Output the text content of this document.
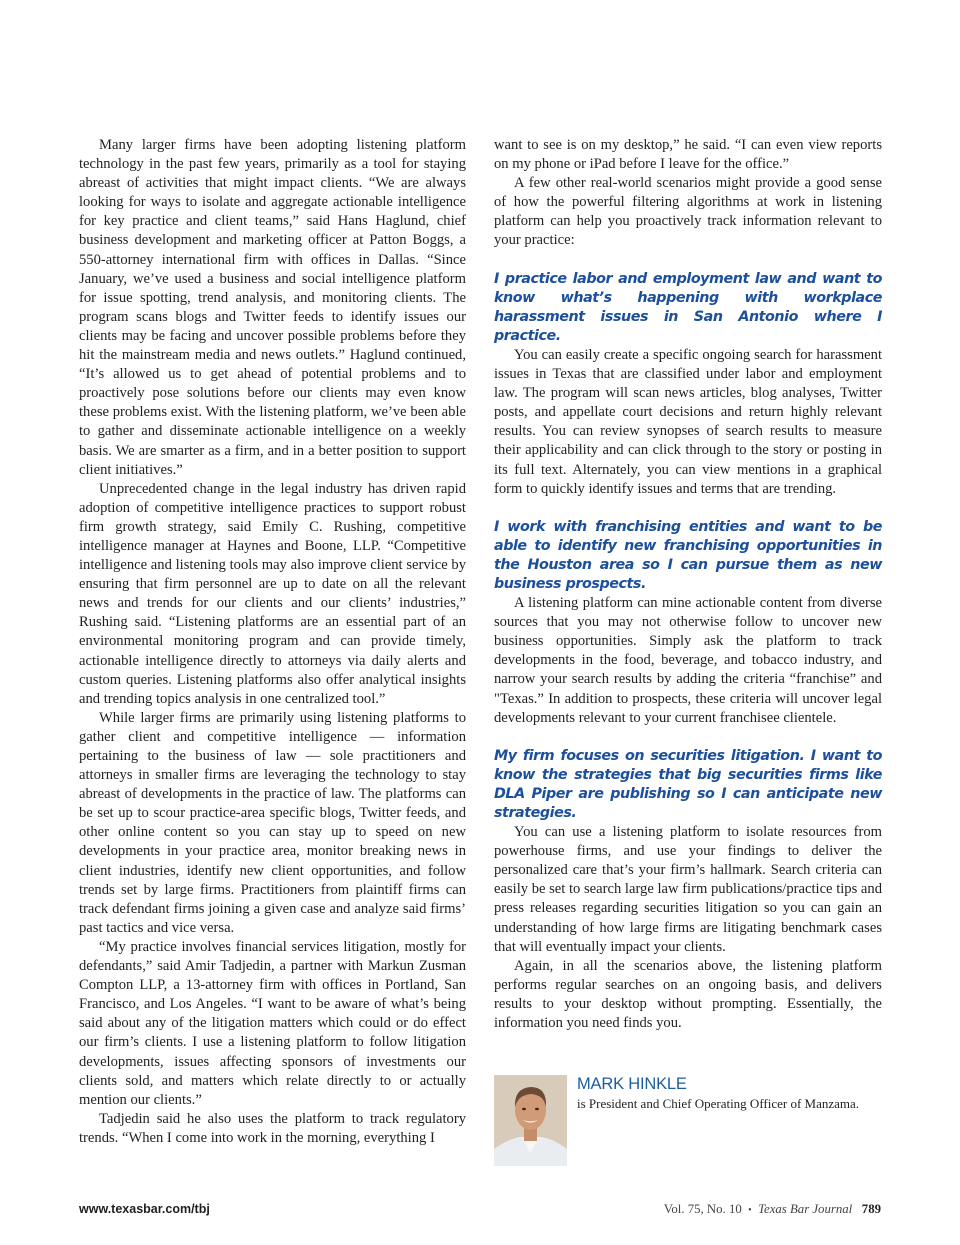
Many larger firms have been adopting listening platform technology in the past few years, primarily as a tool for staying abreast of activities that might impact clients. “We are always looking for ways to isolate and aggregate actionable intelligence for key practice and client teams,” said Hans Haglund, chief business development and marketing officer at Patton Boggs, a 550-attorney international firm with offices in Dallas. “Since January, we’ve used a business and social intelligence platform for issue spotting, trend analysis, and monitoring clients. The program scans blogs and Twitter feeds to identify issues our clients may be facing and uncover possible problems before they hit the mainstream media and news outlets.” Haglund continued, “It’s allowed us to get ahead of potential problems and to proactively pose solutions before our clients may even know these problems exist. With the listening platform, we’ve been able to gather and disseminate actionable intelligence on a weekly basis. We are smarter as a firm, and in a better position to support client initiatives.”

Unprecedented change in the legal industry has driven rapid adoption of competitive intelligence practices to support robust firm growth strategy, said Emily C. Rushing, competitive intelligence manager at Haynes and Boone, LLP. “Competitive intelligence and listening tools may also improve client service by ensuring that firm personnel are up to date on all the relevant news and trends for our clients and our clients’ industries,” Rushing said. “Listening platforms are an essential part of an environmental monitoring program and can provide timely, actionable intelligence directly to attorneys via daily alerts and custom queries. Listening platforms also offer analytical insights and trending topics analysis in one centralized tool.”

While larger firms are primarily using listening platforms to gather client and competitive intelligence — information pertaining to the business of law — sole practitioners and attorneys in smaller firms are leveraging the technology to stay abreast of developments in the practice of law. The platforms can be set up to scour practice-area specific blogs, Twitter feeds, and other online content so you can stay up to speed on new developments in your practice area, monitor breaking news in client industries, identify new client opportunities, and follow trends set by large firms. Practitioners from plaintiff firms can track defendant firms joining a given case and analyze said firms’ past tactics and vice versa.

“My practice involves financial services litigation, mostly for defendants,” said Amir Tadjedin, a partner with Markun Zusman Compton LLP, a 13-attorney firm with offices in Portland, San Francisco, and Los Angeles. “I want to be aware of what’s being said about any of the litigation matters which could or do effect our firm’s clients. I use a listening platform to follow litigation developments, issues affecting sponsors of investments our clients sold, and matters which relate directly to or actually mention our clients.”

Tadjedin said he also uses the platform to track regulatory trends. “When I come into work in the morning, everything I

want to see is on my desktop,” he said. “I can even view reports on my phone or iPad before I leave for the office.”

A few other real-world scenarios might provide a good sense of how the powerful filtering algorithms at work in listening platform can help you proactively track information relevant to your practice:

I practice labor and employment law and want to know what’s happening with workplace harassment issues in San Antonio where I practice.

You can easily create a specific ongoing search for harassment issues in Texas that are classified under labor and employment law. The program will scan news articles, blog analyses, Twitter posts, and appellate court decisions and return highly relevant results. You can review synopses of search results to measure their applicability and can click through to the story or posting in its full text. Alternately, you can view mentions in a graphical form to quickly identify issues and terms that are trending.

I work with franchising entities and want to be able to identify new franchising opportunities in the Houston area so I can pursue them as new business prospects.

A listening platform can mine actionable content from diverse sources that you may not otherwise follow to uncover new business opportunities. Simply ask the platform to track developments in the food, beverage, and tobacco industry, and narrow your search results by adding the criteria “franchise” and "Texas.” In addition to prospects, these criteria will uncover legal developments relevant to your current franchisee clientele.

My firm focuses on securities litigation. I want to know the strategies that big securities firms like DLA Piper are publishing so I can anticipate new strategies.

You can use a listening platform to isolate resources from powerhouse firms, and use your findings to deliver the personalized care that’s your firm’s hallmark. Search criteria can easily be set to search large law firm publications/practice tips and press releases regarding securities litigation so you can gain an understanding of how large firms are litigating benchmark cases that will eventually impact your clients.

Again, in all the scenarios above, the listening platform performs regular searches on an ongoing basis, and delivers results to your desktop without prompting. Essentially, the information you need finds you.

MARK HINKLE
is President and Chief Operating Officer of Manzama.
www.texasbar.com/tbj	Vol. 75, No. 10 • Texas Bar Journal 789
